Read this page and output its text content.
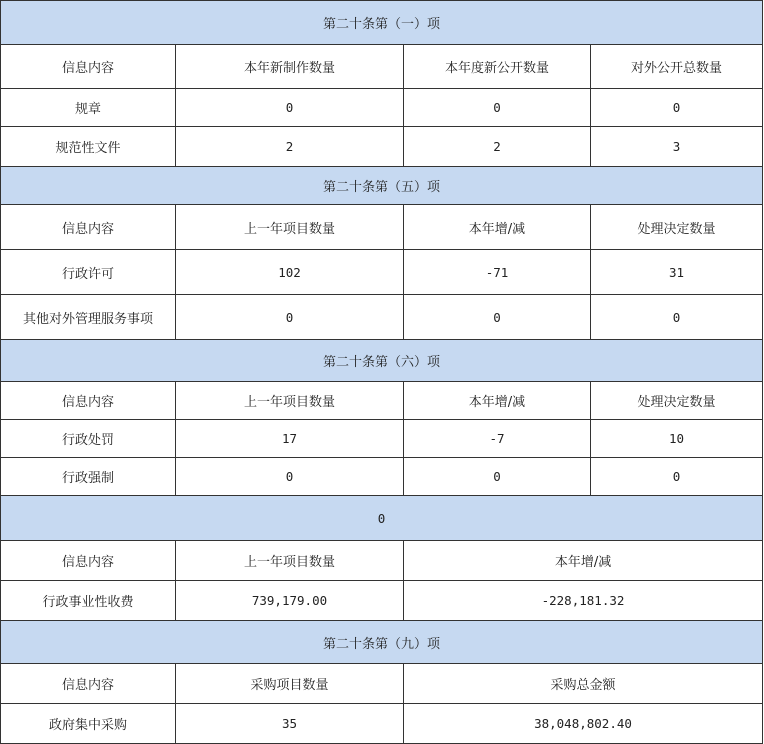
第二十条第（一）项			
信息内容	本年新制作数量	本年度新公开数量	对外公开总数量
规章	0	0	0
规范性文件	2	2	3
第二十条第（五）项			
信息内容	上一年项目数量	本年增/减	处理决定数量
行政许可	102	-71	31
其他对外管理服务事项	0	0	0
第二十条第（六）项			
信息内容	上一年项目数量	本年增/减	处理决定数量
行政处罚	17	-7	10
行政强制	0	0	0
0			
信息内容	上一年项目数量	本年增/减	
行政事业性收费	739,179.00	-228,181.32	
第二十条第（九）项			
信息内容	采购项目数量	采购总金额	
政府集中采购	35	38,048,802.40	
